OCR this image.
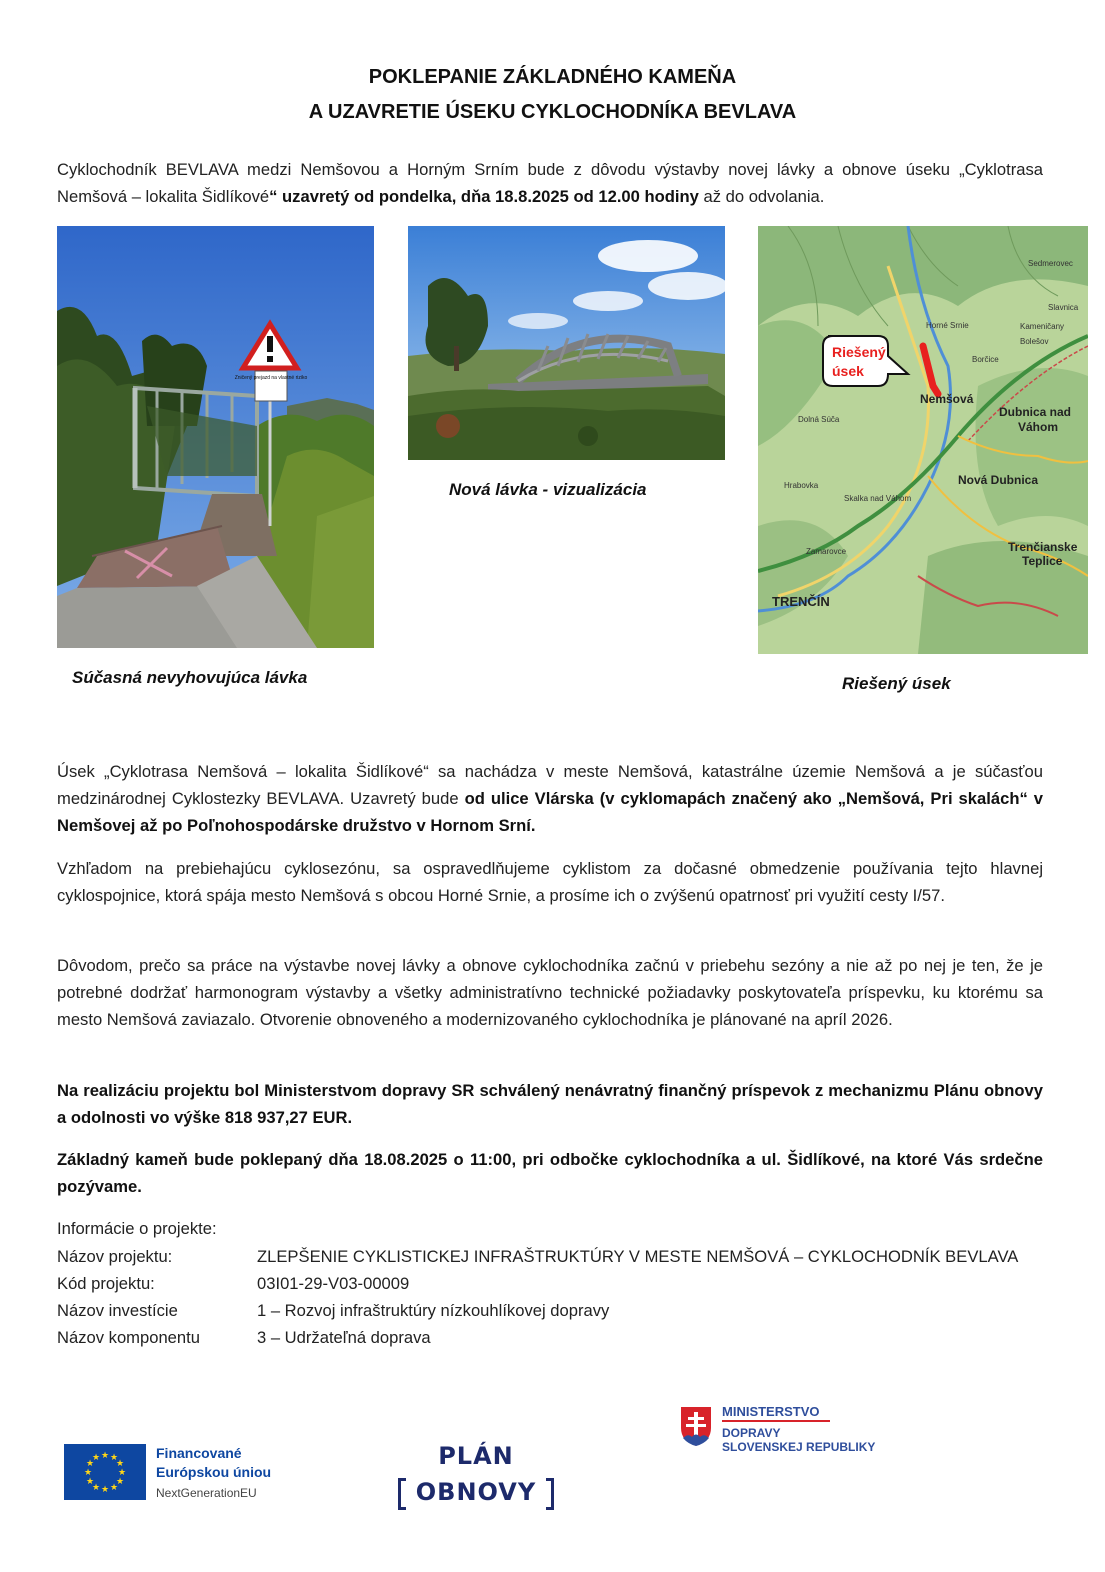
POKLEPANIE ZÁKLADNÉHO KAMEŇA
A UZAVRETIE ÚSEKU CYKLOCHODNÍKA BEVLAVA
Cyklochodník BEVLAVA medzi Nemšovou a Horným Srním bude z dôvodu výstavby novej lávky a obnove úseku „Cyklotrasa Nemšová – lokalita Šidlíkové“ uzavretý od pondelka, dňa 18.8.2025 od 12.00 hodiny až do odvolania.
Zničený prejazd na vlastné riziko
Súčasná nevyhovujúca lávka
Nová lávka - vizualizácia
Riešený
úsek
Nemšová
Dubnica nad
Váhom
Nová Dubnica
Trenčianske
Teplice
TRENČÍN
Horné Srnie
Slavnica
Kameničany
Bolešov
Borčice
Sedmerovec
Hrabovka
Skalka nad Váhom
Zamarovce
Dolná Súča
Riešený úsek
Úsek „Cyklotrasa Nemšová – lokalita Šidlíkové“ sa nachádza v meste Nemšová, katastrálne územie Nemšová a je súčasťou medzinárodnej Cyklostezky BEVLAVA. Uzavretý bude od ulice Vlárska (v cyklomapách značený ako „Nemšová, Pri skalách“ v Nemšovej až po Poľnohospodárske družstvo v Hornom Srní.
Vzhľadom na prebiehajúcu cyklosezónu, sa ospravedlňujeme cyklistom za dočasné obmedzenie používania tejto hlavnej cyklospojnice, ktorá spája mesto Nemšová s obcou Horné Srnie, a prosíme ich o zvýšenú opatrnosť pri využití cesty I/57.
Dôvodom, prečo sa práce na výstavbe novej lávky a obnove cyklochodníka začnú v priebehu sezóny a nie až po nej je ten, že je potrebné dodržať harmonogram výstavby a všetky administratívno technické požiadavky poskytovateľa príspevku, ku ktorému sa mesto Nemšová zaviazalo. Otvorenie obnoveného a modernizovaného cyklochodníka je plánované na apríl 2026.
Na realizáciu projektu bol Ministerstvom dopravy SR schválený nenávratný finančný príspevok z mechanizmu Plánu obnovy a odolnosti vo výške 818 937,27 EUR.
Základný kameň bude poklepaný dňa 18.08.2025 o 11:00, pri odbočke cyklochodníka a ul. Šidlíkové, na ktoré Vás srdečne pozývame.
Informácie o projekte:
Názov projektu:	ZLEPŠENIE CYKLISTICKEJ INFRAŠTRUKTÚRY V MESTE NEMŠOVÁ – CYKLOCHODNÍK BEVLAVA
Kód projektu:	03I01-29-V03-00009
Názov investície	1 – Rozvoj infraštruktúry nízkouhlíkovej dopravy
Názov komponentu	3 – Udržateľná doprava
★ ★
★
★
★
★
★
★
★
★
★
★	Financované
Európskou úniou
NextGenerationEU
PLÁN
OBNOVY
MINISTERSTVO
DOPRAVY
SLOVENSKEJ REPUBLIKY
